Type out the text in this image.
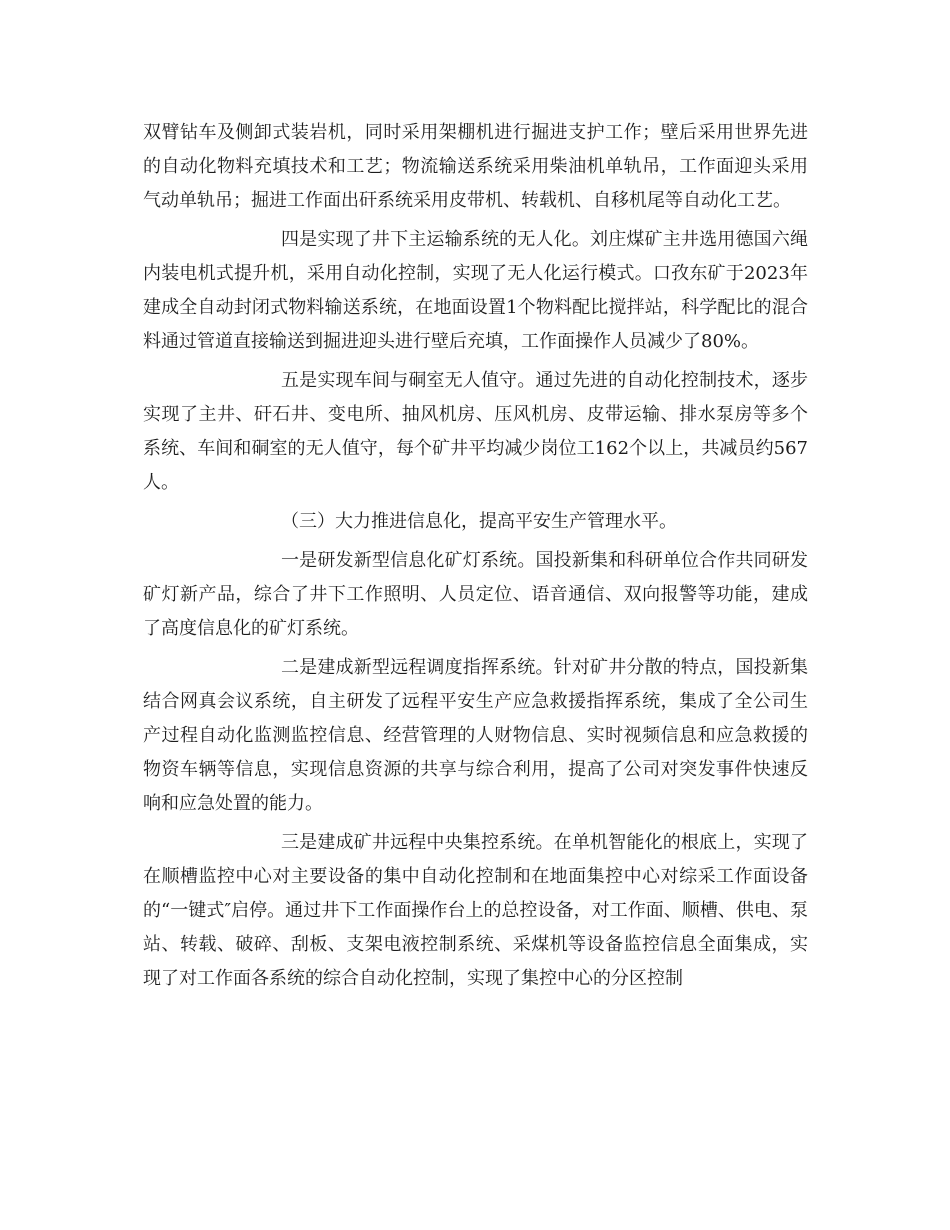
双臂钻车及侧卸式装岩机，同时采用架棚机进行掘进支护工作；壁后采用世界先进的自动化物料充填技术和工艺；物流输送系统采用柴油机单轨吊，工作面迎头采用气动单轨吊；掘进工作面出矸系统采用皮带机、转载机、自移机尾等自动化工艺。

四是实现了井下主运输系统的无人化。刘庄煤矿主井选用德国六绳内装电机式提升机，采用自动化控制，实现了无人化运行模式。口孜东矿于2023年建成全自动封闭式物料输送系统，在地面设置1个物料配比搅拌站，科学配比的混合料通过管道直接输送到掘进迎头进行壁后充填，工作面操作人员减少了80%。

五是实现车间与硐室无人值守。通过先进的自动化控制技术，逐步实现了主井、矸石井、变电所、抽风机房、压风机房、皮带运输、排水泵房等多个系统、车间和硐室的无人值守，每个矿井平均减少岗位工162个以上，共减员约567人。

（三）大力推进信息化，提高平安生产管理水平。

一是研发新型信息化矿灯系统。国投新集和科研单位合作共同研发矿灯新产品，综合了井下工作照明、人员定位、语音通信、双向报警等功能，建成了高度信息化的矿灯系统。

二是建成新型远程调度指挥系统。针对矿井分散的特点，国投新集结合网真会议系统，自主研发了远程平安生产应急救援指挥系统，集成了全公司生产过程自动化监测监控信息、经营管理的人财物信息、实时视频信息和应急救援的物资车辆等信息，实现信息资源的共享与综合利用，提高了公司对突发事件快速反响和应急处置的能力。

三是建成矿井远程中央集控系统。在单机智能化的根底上，实现了在顺槽监控中心对主要设备的集中自动化控制和在地面集控中心对综采工作面设备的“一键式″启停。通过井下工作面操作台上的总控设备，对工作面、顺槽、供电、泵站、转载、破碎、刮板、支架电液控制系统、采煤机等设备监控信息全面集成，实现了对工作面各系统的综合自动化控制，实现了集控中心的分区控制
